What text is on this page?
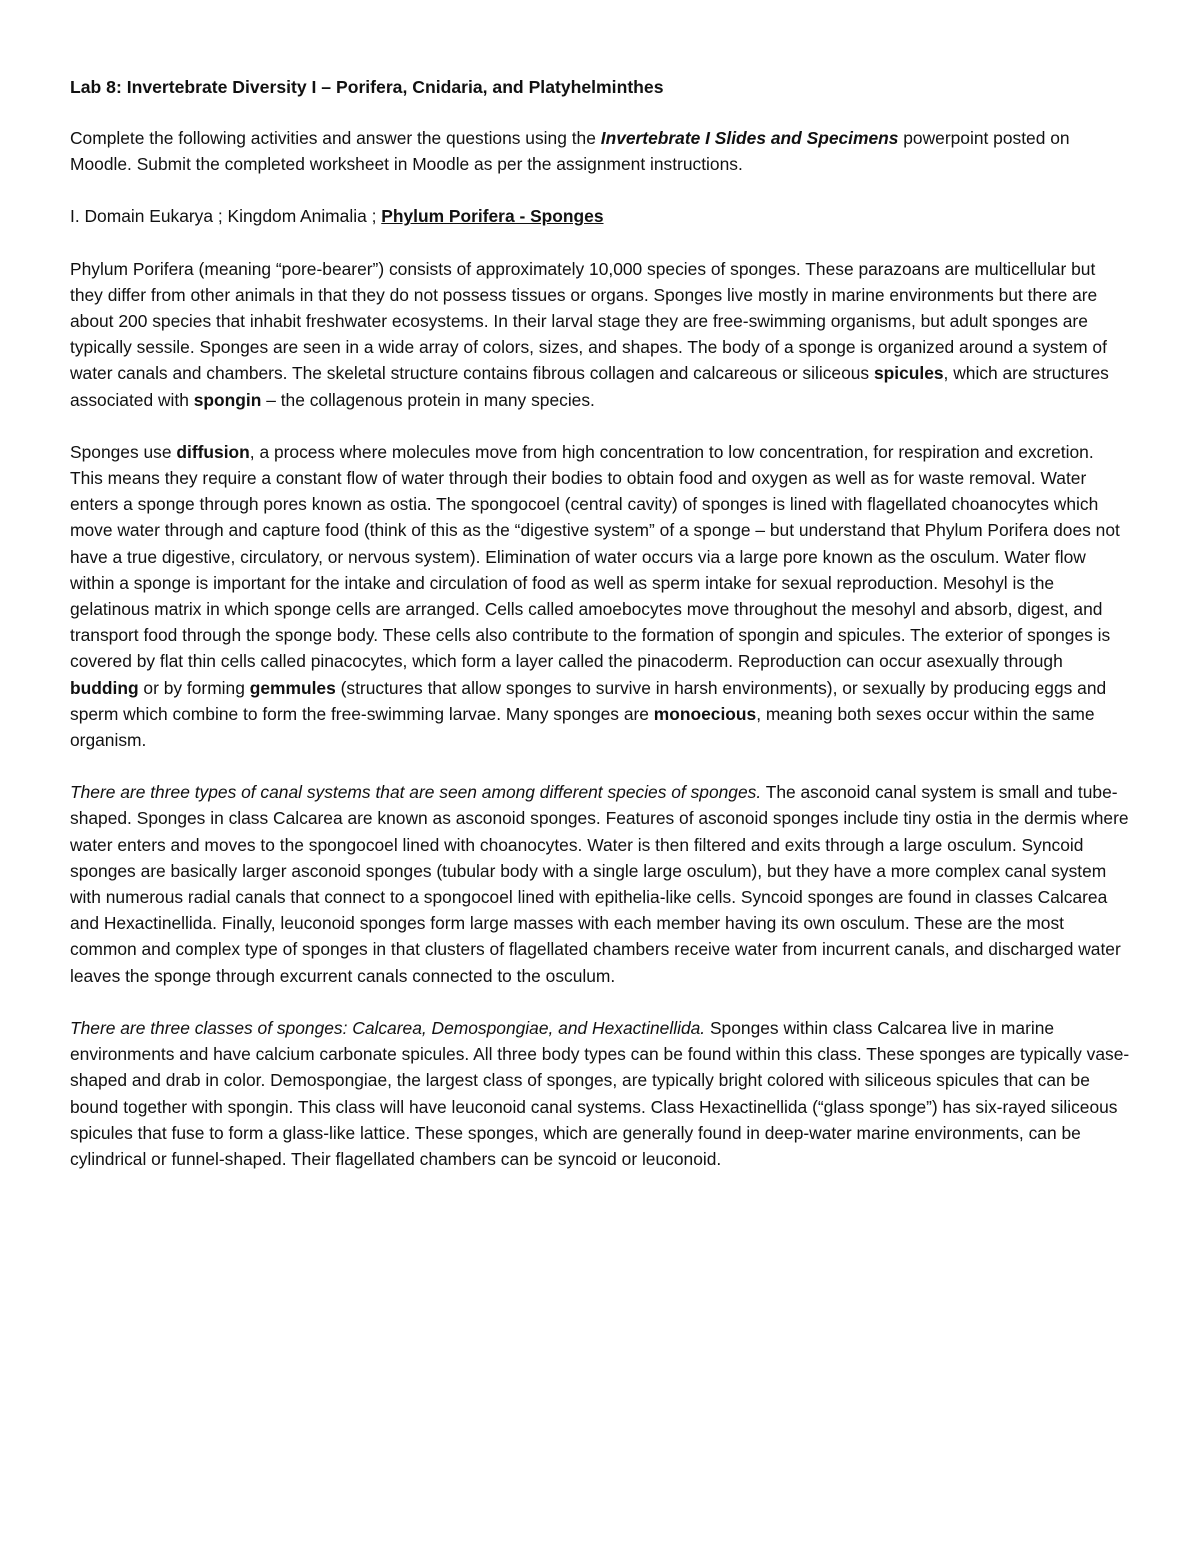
Lab 8: Invertebrate Diversity I – Porifera, Cnidaria, and Platyhelminthes

Complete the following activities and answer the questions using the Invertebrate I Slides and Specimens powerpoint posted on Moodle. Submit the completed worksheet in Moodle as per the assignment instructions.

I. Domain Eukarya ; Kingdom Animalia ; Phylum Porifera - Sponges

Phylum Porifera (meaning “pore-bearer”) consists of approximately 10,000 species of sponges. These parazoans are multicellular but they differ from other animals in that they do not possess tissues or organs. Sponges live mostly in marine environments but there are about 200 species that inhabit freshwater ecosystems. In their larval stage they are free-swimming organisms, but adult sponges are typically sessile. Sponges are seen in a wide array of colors, sizes, and shapes. The body of a sponge is organized around a system of water canals and chambers. The skeletal structure contains fibrous collagen and calcareous or siliceous spicules, which are structures associated with spongin – the collagenous protein in many species.

Sponges use diffusion, a process where molecules move from high concentration to low concentration, for respiration and excretion. This means they require a constant flow of water through their bodies to obtain food and oxygen as well as for waste removal. Water enters a sponge through pores known as ostia. The spongocoel (central cavity) of sponges is lined with flagellated choanocytes which move water through and capture food (think of this as the “digestive system” of a sponge – but understand that Phylum Porifera does not have a true digestive, circulatory, or nervous system). Elimination of water occurs via a large pore known as the osculum. Water flow within a sponge is important for the intake and circulation of food as well as sperm intake for sexual reproduction. Mesohyl is the gelatinous matrix in which sponge cells are arranged. Cells called amoebocytes move throughout the mesohyl and absorb, digest, and transport food through the sponge body. These cells also contribute to the formation of spongin and spicules. The exterior of sponges is covered by flat thin cells called pinacocytes, which form a layer called the pinacoderm. Reproduction can occur asexually through budding or by forming gemmules (structures that allow sponges to survive in harsh environments), or sexually by producing eggs and sperm which combine to form the free-swimming larvae. Many sponges are monoecious, meaning both sexes occur within the same organism.

There are three types of canal systems that are seen among different species of sponges. The asconoid canal system is small and tube-shaped. Sponges in class Calcarea are known as asconoid sponges. Features of asconoid sponges include tiny ostia in the dermis where water enters and moves to the spongocoel lined with choanocytes. Water is then filtered and exits through a large osculum. Syncoid sponges are basically larger asconoid sponges (tubular body with a single large osculum), but they have a more complex canal system with numerous radial canals that connect to a spongocoel lined with epithelia-like cells. Syncoid sponges are found in classes Calcarea and Hexactinellida. Finally, leuconoid sponges form large masses with each member having its own osculum. These are the most common and complex type of sponges in that clusters of flagellated chambers receive water from incurrent canals, and discharged water leaves the sponge through excurrent canals connected to the osculum.

There are three classes of sponges: Calcarea, Demospongiae, and Hexactinellida. Sponges within class Calcarea live in marine environments and have calcium carbonate spicules. All three body types can be found within this class. These sponges are typically vase-shaped and drab in color. Demospongiae, the largest class of sponges, are typically bright colored with siliceous spicules that can be bound together with spongin. This class will have leuconoid canal systems. Class Hexactinellida (“glass sponge”) has six-rayed siliceous spicules that fuse to form a glass-like lattice. These sponges, which are generally found in deep-water marine environments, can be cylindrical or funnel-shaped. Their flagellated chambers can be syncoid or leuconoid.
